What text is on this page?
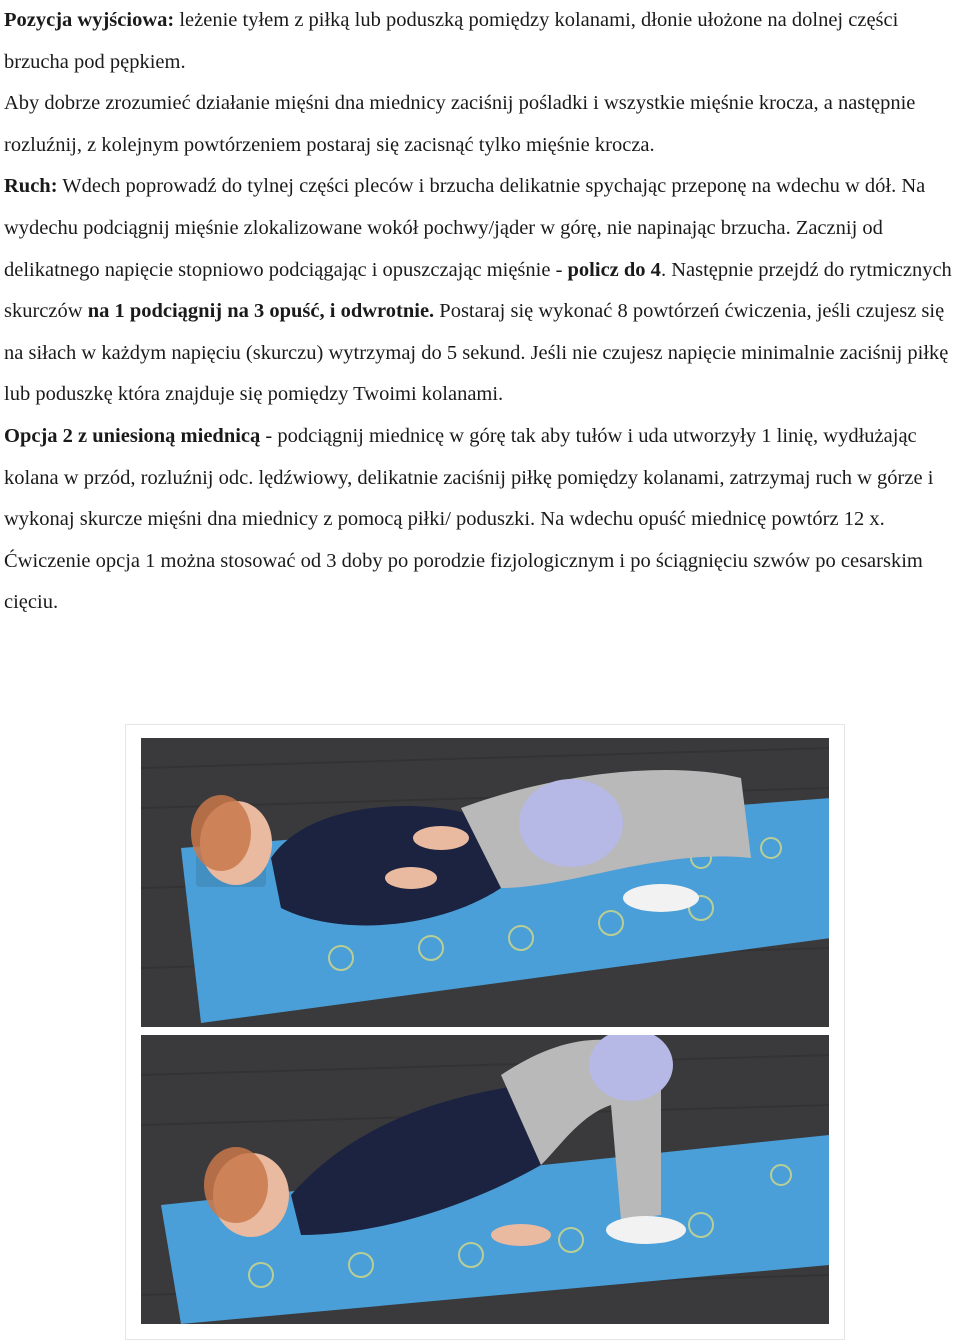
Pozycja wyjściowa: leżenie tyłem z piłką lub poduszką pomiędzy kolanami, dłonie ułożone na dolnej części brzucha pod pępkiem.

Aby dobrze zrozumieć działanie mięśni dna miednicy zaciśnij pośladki i wszystkie mięśnie krocza, a następnie rozluźnij, z kolejnym powtórzeniem postaraj się zacisnąć tylko mięśnie krocza.

Ruch: Wdech poprowadź do tylnej części pleców i brzucha delikatnie spychając przeponę na wdechu w dół. Na wydechu podciągnij mięśnie zlokalizowane wokół pochwy/jąder w górę, nie napinając brzucha. Zacznij od delikatnego napięcie stopniowo podciągając i opuszczając mięśnie - policz do 4. Następnie przejdź do rytmicznych skurczów na 1 podciągnij na 3 opuść, i odwrotnie. Postaraj się wykonać 8 powtórzeń ćwiczenia, jeśli czujesz się na siłach w każdym napięciu (skurczu) wytrzymaj do 5 sekund. Jeśli nie czujesz napięcie minimalnie zaciśnij piłkę lub poduszkę która znajduje się pomiędzy Twoimi kolanami.

Opcja 2 z uniesioną miednicą - podciągnij miednicę w górę tak aby tułów i uda utworzyły 1 linię, wydłużając kolana w przód, rozluźnij odc. lędźwiowy, delikatnie zaciśnij piłkę pomiędzy kolanami, zatrzymaj ruch w górze i wykonaj skurcze mięśni dna miednicy z pomocą piłki/ poduszki. Na wdechu opuść miednicę powtórz 12 x. Ćwiczenie opcja 1 można stosować od 3 doby po porodzie fizjologicznym i po ściągnięciu szwów po cesarskim cięciu.
